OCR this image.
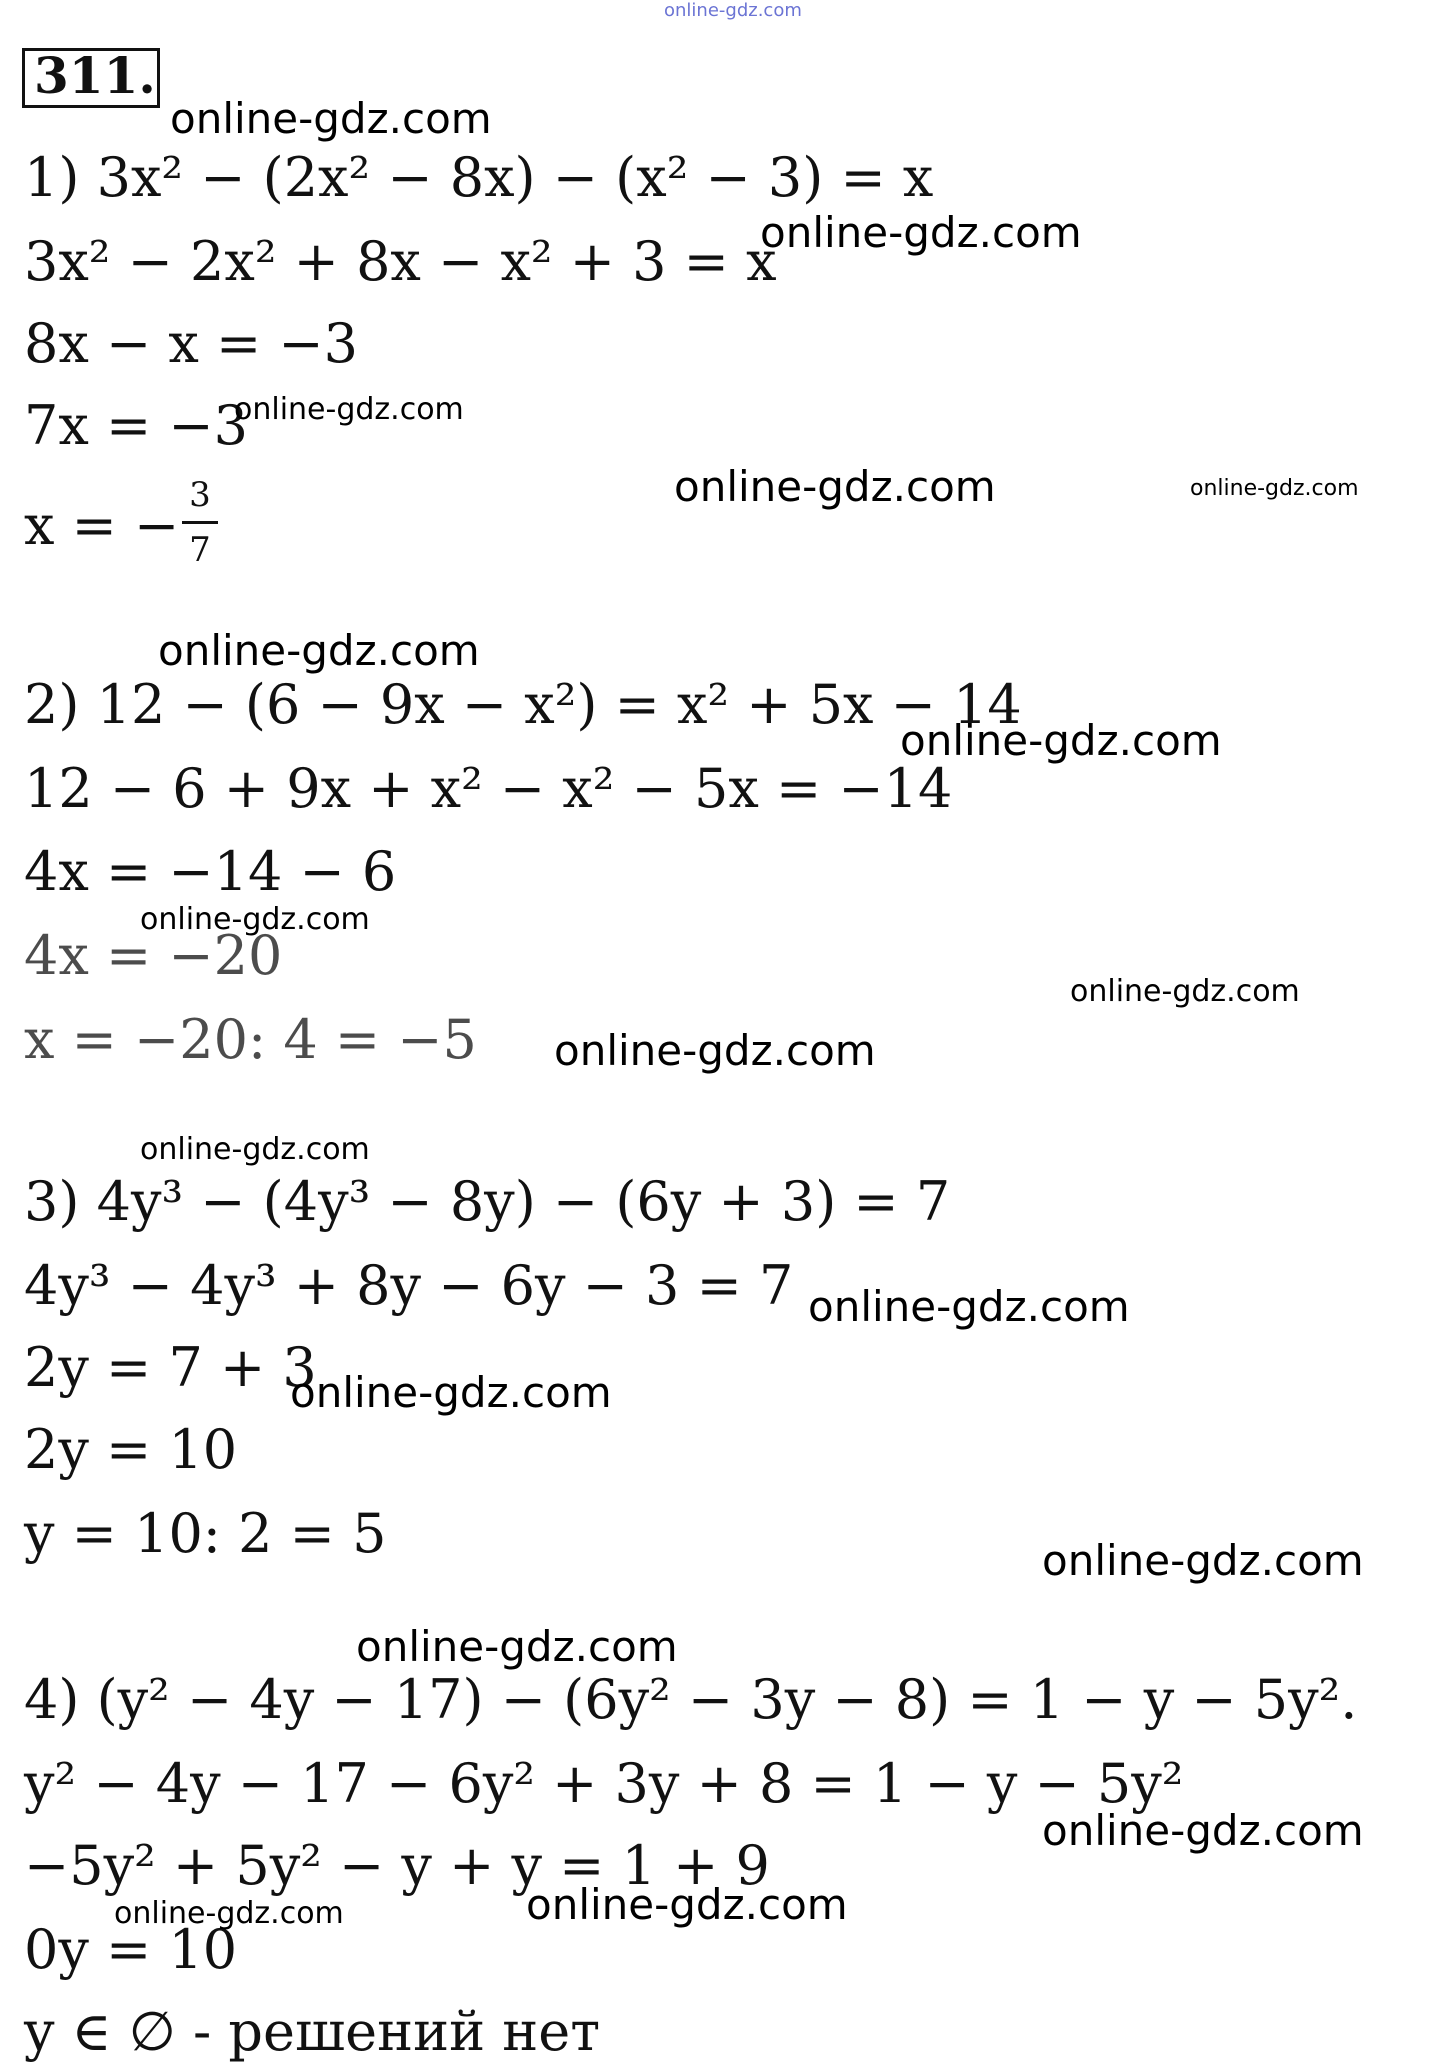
online-gdz.com
311.
1) 3x² − (2x² − 8x) − (x² − 3) = x
3x² − 2x² + 8x − x² + 3 = x
8x − x = −3
7x = −3
x = − 3
7
2) 12 − (6 − 9x − x²) = x² + 5x − 14
12 − 6 + 9x + x² − x² − 5x = −14
4x = −14 − 6
4x = −20
x = −20: 4 = −5
3) 4y³ − (4y³ − 8y) − (6y + 3) = 7
4y³ − 4y³ + 8y − 6y − 3 = 7
2y = 7 + 3
2y = 10
y = 10: 2 = 5
4) (y² − 4y − 17) − (6y² − 3y − 8) = 1 − y − 5y².
y² − 4y − 17 − 6y² + 3y + 8 = 1 − y − 5y²
−5y² + 5y² − y + y = 1 + 9
0y = 10
y ∈ ∅ - решений нет
online-gdz.com
online-gdz.com
online-gdz.com
online-gdz.com	online-gdz.com
online-gdz.com
online-gdz.com
online-gdz.com
online-gdz.com
online-gdz.com
online-gdz.com
online-gdz.com
online-gdz.com
online-gdz.com
online-gdz.com
online-gdz.com
online-gdz.com	online-gdz.com
